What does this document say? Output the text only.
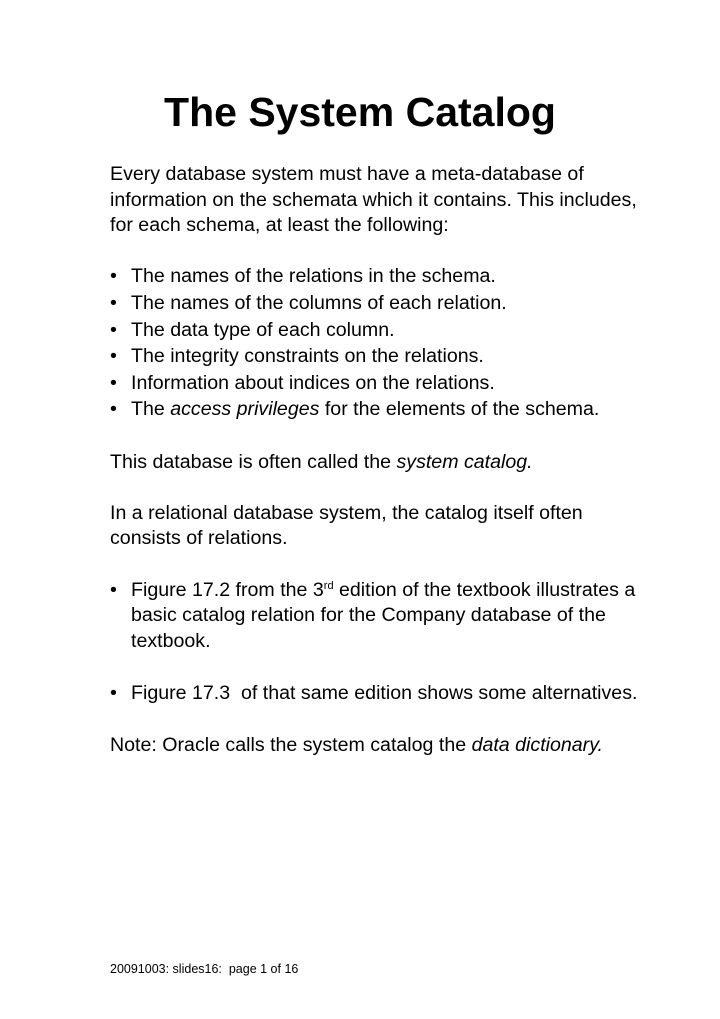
The System Catalog

Every database system must have a meta-database of information on the schemata which it contains. This includes, for each schema, at least the following:

• The names of the relations in the schema.
• The names of the columns of each relation.
• The data type of each column.
• The integrity constraints on the relations.
• Information about indices on the relations.
• The access privileges for the elements of the schema.

This database is often called the system catalog.

In a relational database system, the catalog itself often consists of relations.

• Figure 17.2 from the 3rd edition of the textbook illustrates a basic catalog relation for the Company database of the textbook.
• Figure 17.3  of that same edition shows some alternatives.

Note: Oracle calls the system catalog the data dictionary.

20091003: slides16:  page 1 of 16
